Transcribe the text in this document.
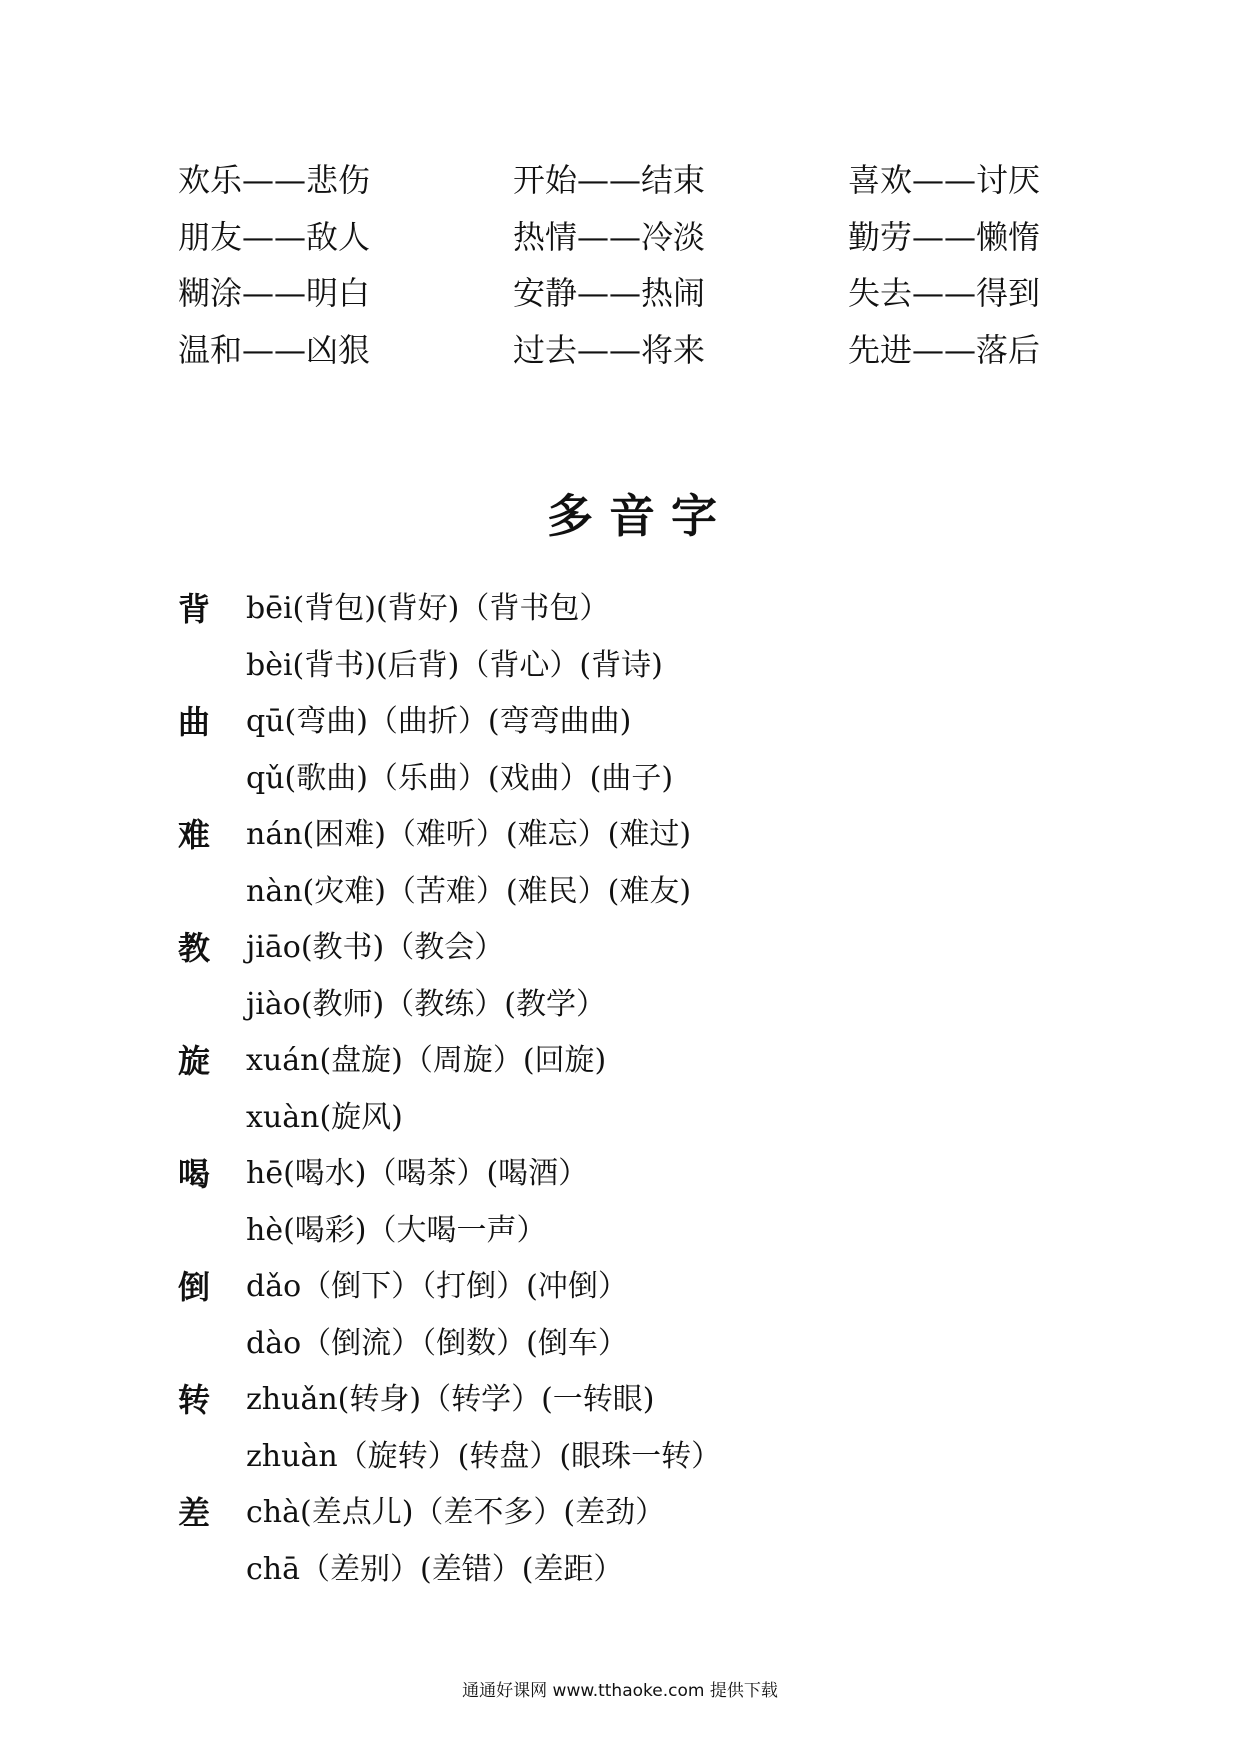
欢乐——悲伤	开始——结束	喜欢——讨厌
朋友——敌人	热情——冷淡	勤劳——懒惰
糊涂——明白	安静——热闹	失去——得到
温和——凶狠	过去——将来	先进——落后
多音字
背 bēi(背包)(背好)（背书包）
bèi(背书)(后背)（背心）(背诗)
曲 qū(弯曲)（曲折）(弯弯曲曲)
qǔ(歌曲)（乐曲）(戏曲）(曲子)
难 nán(困难)（难听）(难忘）(难过)
nàn(灾难)（苦难）(难民）(难友)
教 jiāo(教书)（教会）
jiào(教师)（教练）(教学）
旋 xuán(盘旋)（周旋）(回旋)
xuàn(旋风)
喝 hē(喝水)（喝茶）(喝酒）
hè(喝彩)（大喝一声）
倒 dǎo（倒下）（打倒）(冲倒）
dào（倒流）（倒数）(倒车）
转 zhuǎn(转身)（转学）(一转眼)
zhuàn（旋转）(转盘）(眼珠一转）
差 chà(差点儿)（差不多）(差劲）
chā（差别）(差错）(差距）
通通好课网 www.tthaoke.com 提供下载
